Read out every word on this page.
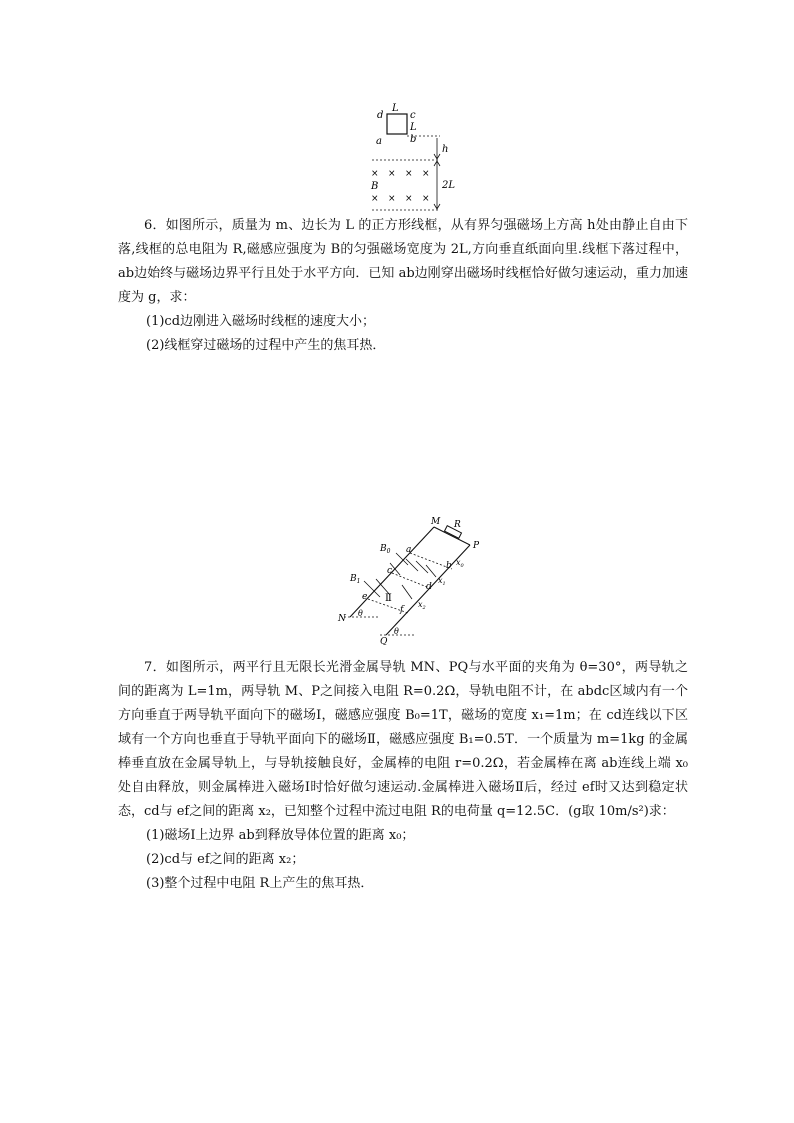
d
L
c
L
a	b
h
× × × ×
× × × ×
B	2L

6．如图所示，质量为 m、边长为 L 的正方形线框，从有界匀强磁场上方高 h处由静止自由下落,线框的总电阻为 R,磁感应强度为 B的匀强磁场宽度为 2L,方向垂直纸面向里.线框下落过程中，ab边始终与磁场边界平行且处于水平方向．已知 ab边刚穿出磁场时线框恰好做匀速运动，重力加速度为 g，求：

(1)cd边刚进入磁场时线框的速度大小；

(2)线框穿过磁场的过程中产生的焦耳热．

M R
P
a
b
c
d
e
f
$B_0$
$B_1$
Ⅱ
$x_0$
$x_1$
$x_2$
N
Q
θ
θ

7．如图所示，两平行且无限长光滑金属导轨 MN、PQ与水平面的夹角为 θ=30°，两导轨之间的距离为 L=1m，两导轨 M、P之间接入电阻 R=0.2Ω，导轨电阻不计，在 abdc区域内有一个方向垂直于两导轨平面向下的磁场Ⅰ，磁感应强度 B₀=1T，磁场的宽度 x₁=1m；在 cd连线以下区域有一个方向也垂直于导轨平面向下的磁场Ⅱ，磁感应强度 B₁=0.5T．一个质量为 m=1kg 的金属棒垂直放在金属导轨上，与导轨接触良好，金属棒的电阻 r=0.2Ω，若金属棒在离 ab连线上端 x₀处自由释放，则金属棒进入磁场Ⅰ时恰好做匀速运动.金属棒进入磁场Ⅱ后，经过 ef时又达到稳定状态，cd与 ef之间的距离 x₂，已知整个过程中流过电阻 R的电荷量 q=12.5C．(g取 10m/s²)求：

(1)磁场Ⅰ上边界 ab到释放导体位置的距离 x₀；

(2)cd与 ef之间的距离 x₂；

(3)整个过程中电阻 R上产生的焦耳热．
